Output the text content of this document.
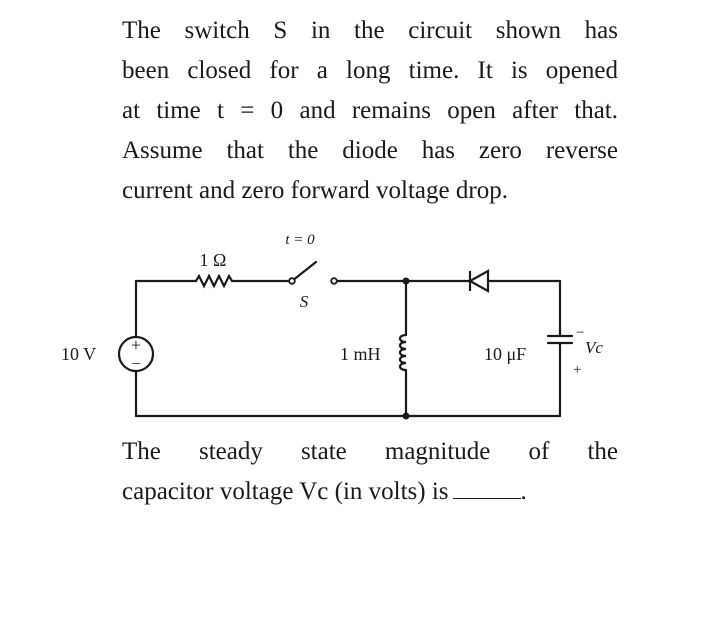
The switch S in the circuit shown has
been closed for a long time. It is opened
at time t = 0 and remains open after that.
Assume that the diode has zero reverse
current and zero forward voltage drop.
+
−
10 V
1 Ω
t = 0
S
1 mH	10 μF
−
Vc
+
The steady state magnitude of the
capacitor voltage Vc (in volts) is	.
